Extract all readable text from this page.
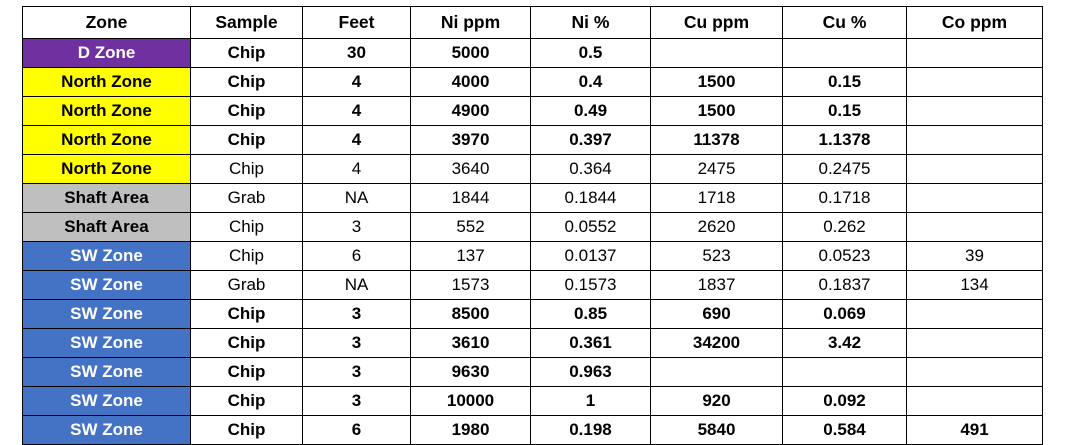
Zone	Sample	Feet	Ni ppm	Ni %	Cu ppm	Cu %	Co ppm
D Zone	Chip	30	5000	0.5			
North Zone	Chip	4	4000	0.4	1500	0.15	
North Zone	Chip	4	4900	0.49	1500	0.15	
North Zone	Chip	4	3970	0.397	11378	1.1378	
North Zone	Chip	4	3640	0.364	2475	0.2475	
Shaft Area	Grab	NA	1844	0.1844	1718	0.1718	
Shaft Area	Chip	3	552	0.0552	2620	0.262	
SW Zone	Chip	6	137	0.0137	523	0.0523	39
SW Zone	Grab	NA	1573	0.1573	1837	0.1837	134
SW Zone	Chip	3	8500	0.85	690	0.069	
SW Zone	Chip	3	3610	0.361	34200	3.42	
SW Zone	Chip	3	9630	0.963			
SW Zone	Chip	3	10000	1	920	0.092	
SW Zone	Chip	6	1980	0.198	5840	0.584	491
